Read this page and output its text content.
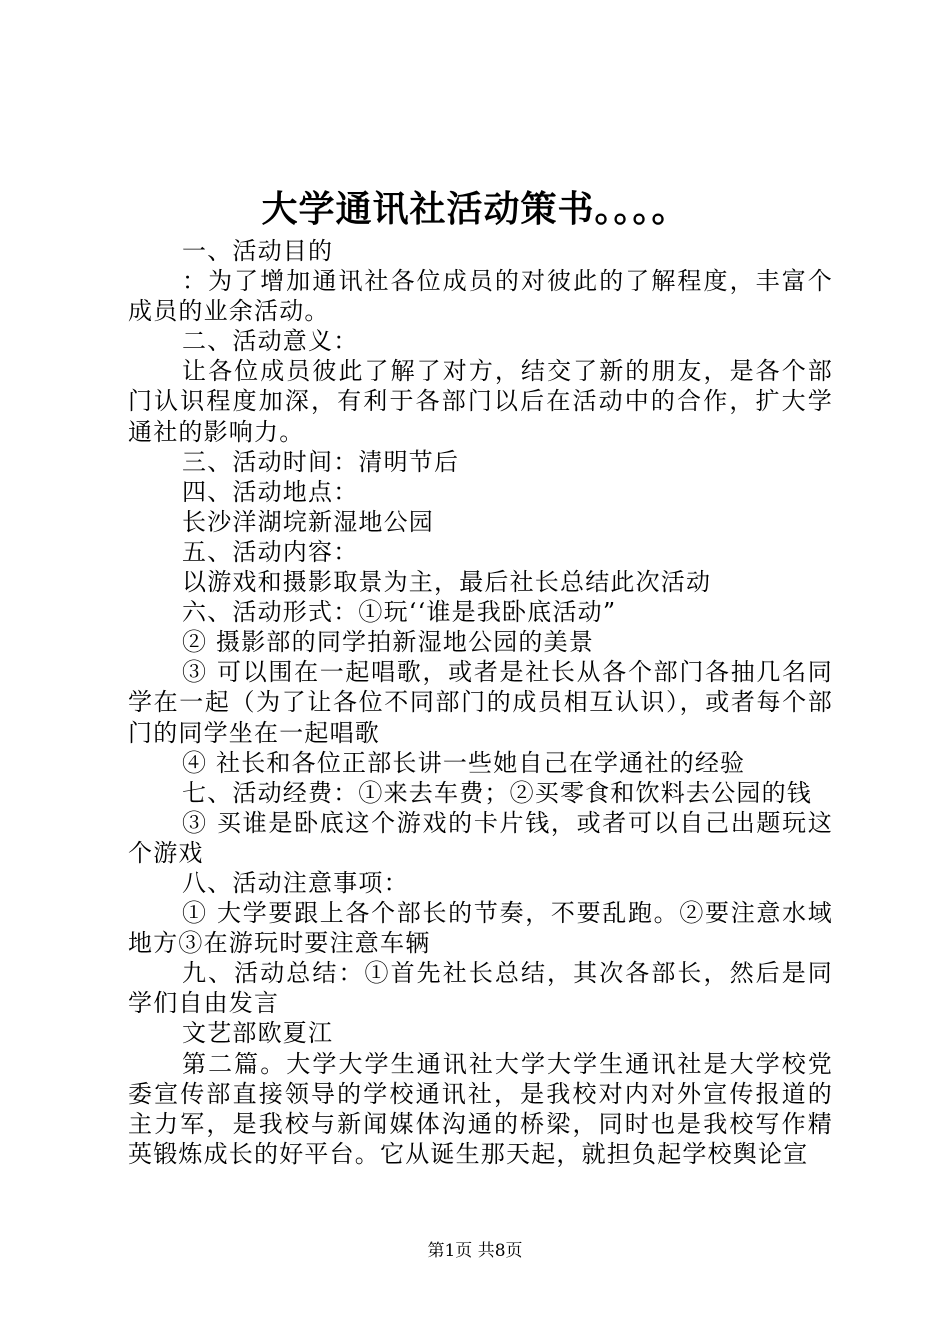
大学通讯社活动策书。。。。

一、活动目的

：为了增加通讯社各位成员的对彼此的了解程度，丰富个成员的业余活动。

二、活动意义：

让各位成员彼此了解了对方，结交了新的朋友，是各个部门认识程度加深，有利于各部门以后在活动中的合作，扩大学通社的影响力。

三、活动时间：清明节后

四、活动地点：

长沙洋湖垸新湿地公园

五、活动内容：

以游戏和摄影取景为主，最后社长总结此次活动

六、活动形式：①玩‘‘谁是我卧底活动”

② 摄影部的同学拍新湿地公园的美景

③ 可以围在一起唱歌，或者是社长从各个部门各抽几名同学在一起（为了让各位不同部门的成员相互认识），或者每个部门的同学坐在一起唱歌

④ 社长和各位正部长讲一些她自己在学通社的经验

七、活动经费：①来去车费；②买零食和饮料去公园的钱

③ 买谁是卧底这个游戏的卡片钱，或者可以自己出题玩这个游戏

八、活动注意事项：

① 大学要跟上各个部长的节奏，不要乱跑。②要注意水域地方③在游玩时要注意车辆

九、活动总结：①首先社长总结，其次各部长，然后是同学们自由发言

文艺部欧夏江

第二篇。大学大学生通讯社大学大学生通讯社是大学校党委宣传部直接领导的学校通讯社，是我校对内对外宣传报道的主力军，是我校与新闻媒体沟通的桥梁，同时也是我校写作精英锻炼成长的好平台。它从诞生那天起，就担负起学校舆论宣

第1页 共8页
